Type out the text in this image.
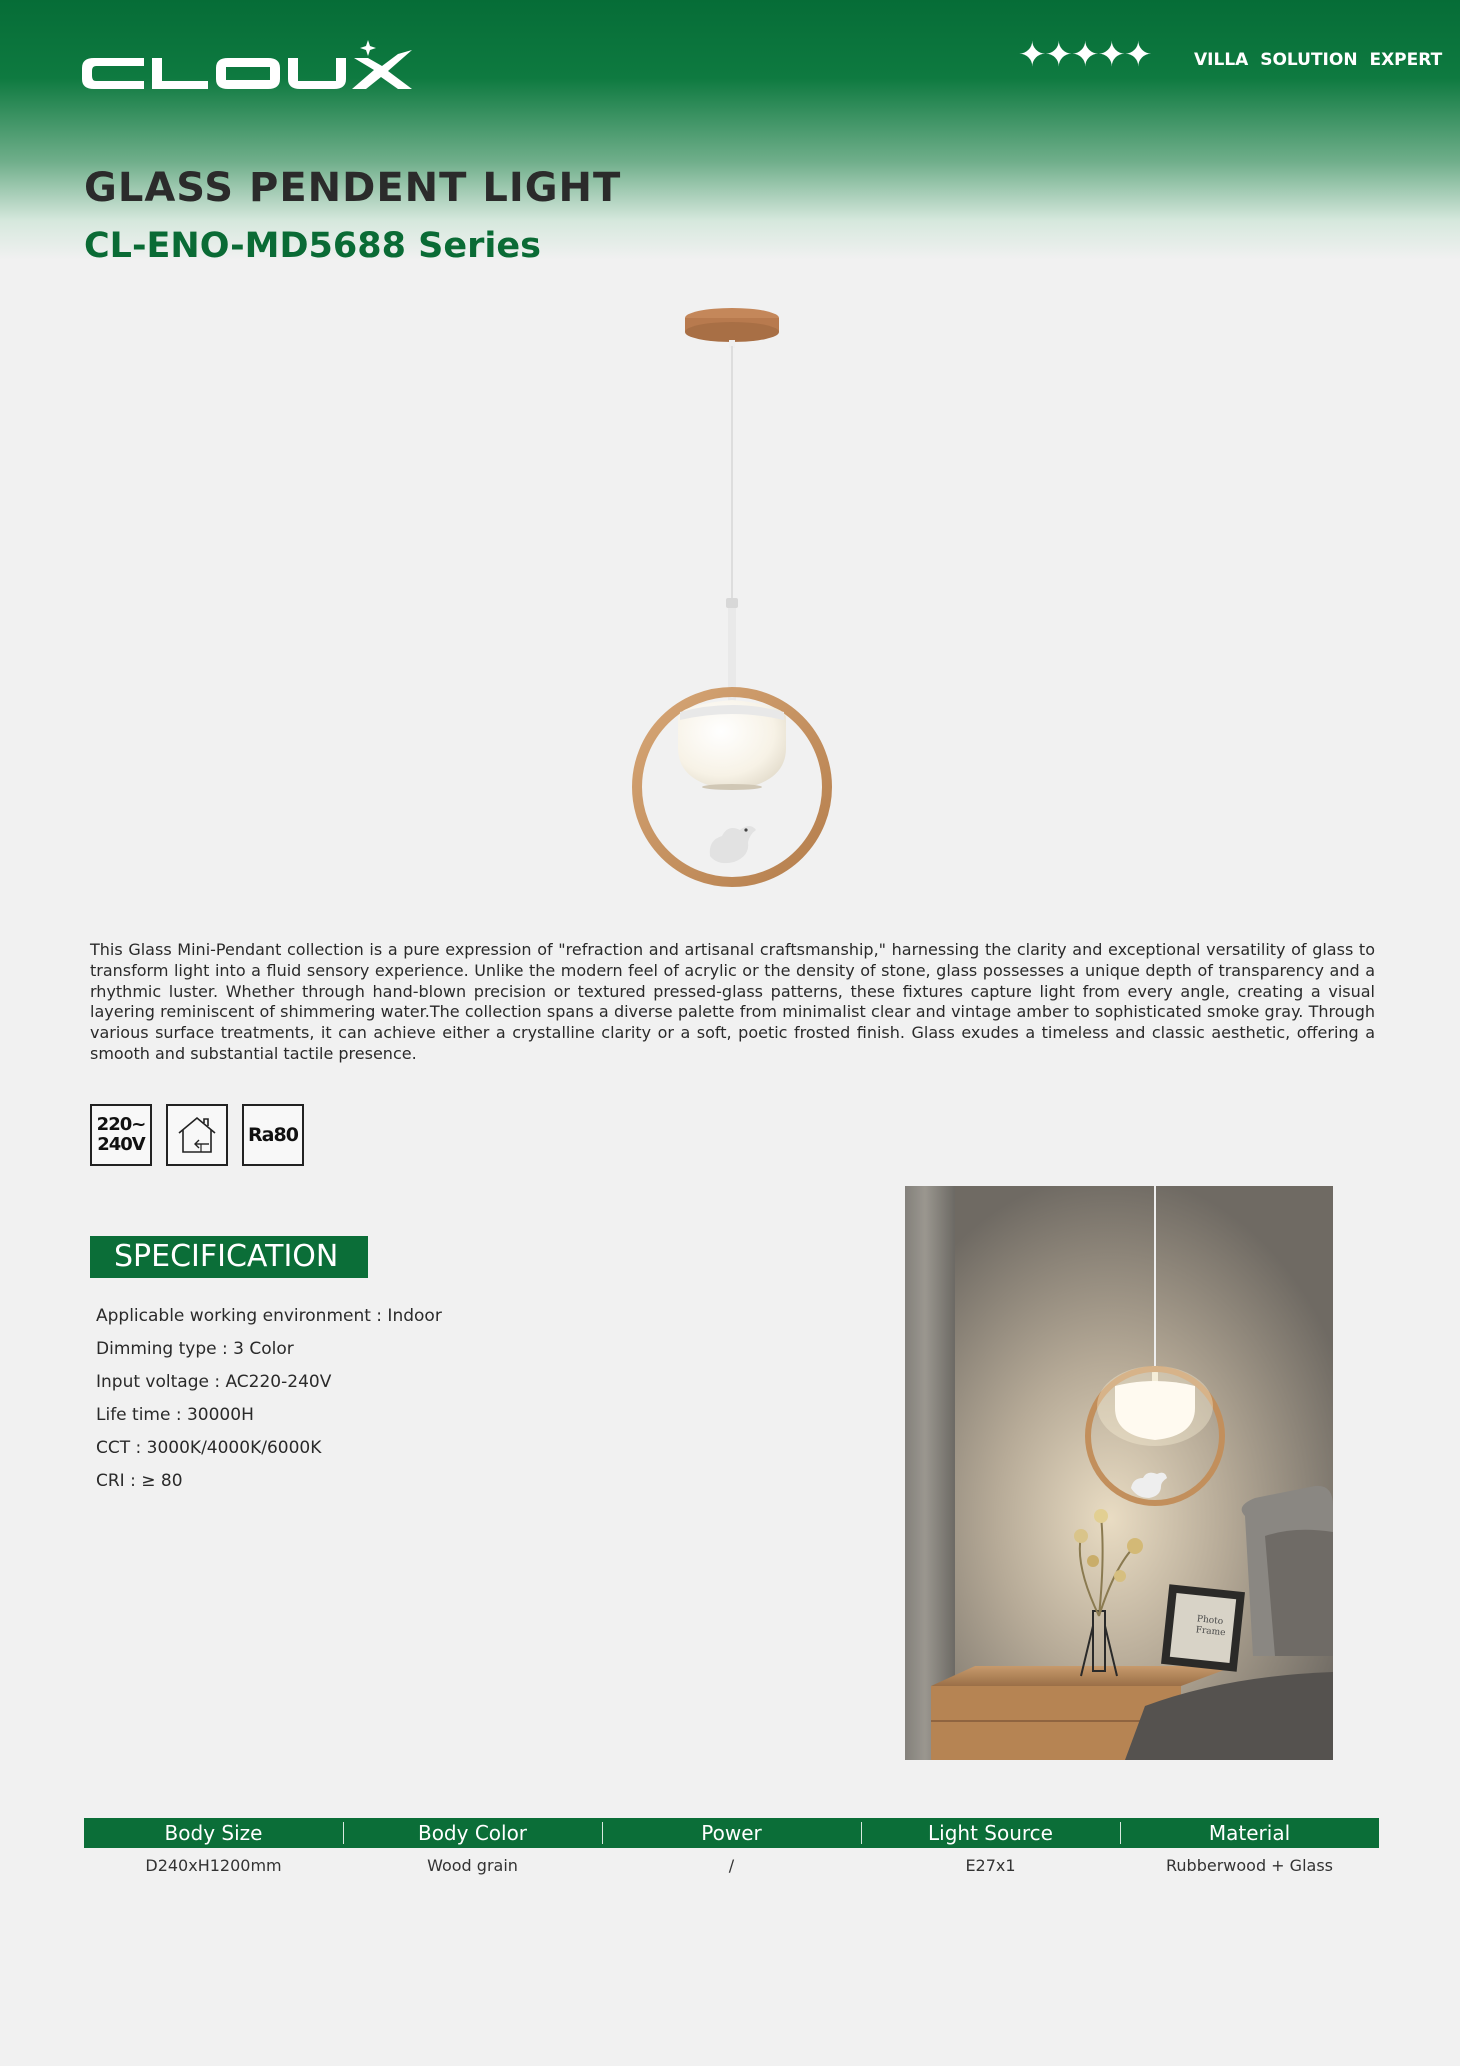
✦✦✦✦✦	VILLA SOLUTION EXPERT
GLASS PENDENT LIGHT
CL-ENO-MD5688 Series

This Glass Mini-Pendant collection is a pure expression of "refraction and artisanal craftsmanship," harnessing the clarity and exceptional versatility of glass to transform light into a fluid sensory experience. Unlike the modern feel of acrylic or the density of stone, glass possesses a unique depth of transparency and a rhythmic luster. Whether through hand-blown precision or textured pressed-glass patterns, these fixtures capture light from every angle, creating a visual layering reminiscent of shimmering water.The collection spans a diverse palette from minimalist clear and vintage amber to sophisticated smoke gray. Through various surface treatments, it can achieve either a crystalline clarity or a soft, poetic frosted finish. Glass exudes a timeless and classic aesthetic, offering a smooth and substantial tactile presence.

220~
240V	Ra80
SPECIFICATION
Applicable working environment : Indoor
Dimming type : 3 Color
Input voltage : AC220-240V
Life time : 30000H
CCT : 3000K/4000K/6000K
CRI : ≥ 80
Photo
Frame
Body Size	Body Color	Power	Light Source	Material
D240xH1200mm	Wood grain	/	E27x1	Rubberwood + Glass
